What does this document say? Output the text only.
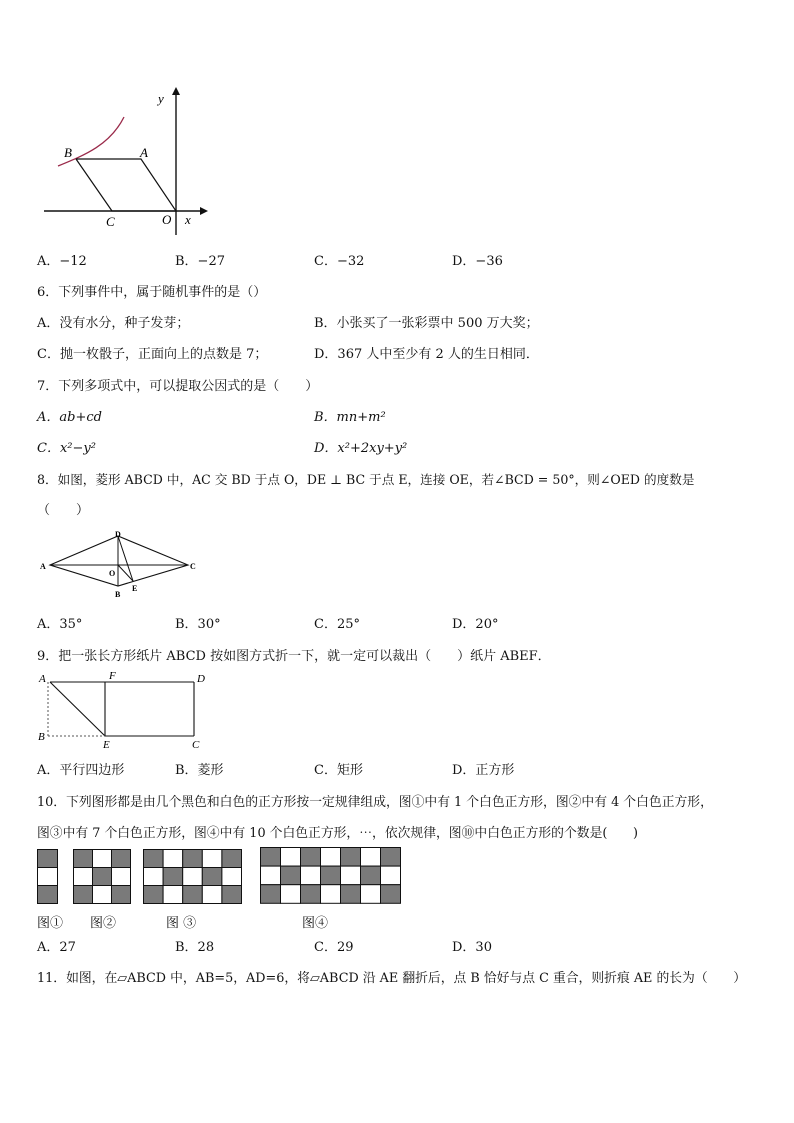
y
B	A
C	O x
A．−12	B．−27	C．−32	D．−36
6．下列事件中，属于随机事件的是（）
A．没有水分，种子发芽；	B．小张买了一张彩票中 500 万大奖；
C．抛一枚骰子，正面向上的点数是 7；	D．367 人中至少有 2 人的生日相同．
7．下列多项式中，可以提取公因式的是（　　）
A．ab+cd	B．mn+m²
C．x²−y²	D．x²+2xy+y²
8．如图，菱形 ABCD 中，AC 交 BD 于点 O，DE ⊥ BC 于点 E，连接 OE，若∠BCD = 50°，则∠OED 的度数是
（　　）
A
D
C
O
B
E
A．35°	B．30°	C．25°	D．20°
9．把一张长方形纸片 ABCD 按如图方式折一下，就一定可以裁出（　　）纸片 ABEF．
A	F	D
B
E	C
A．平行四边形	B．菱形	C．矩形	D．正方形
10．下列图形都是由几个黑色和白色的正方形按一定规律组成，图①中有 1 个白色正方形，图②中有 4 个白色正方形，
图③中有 7 个白色正方形，图④中有 10 个白色正方形，⋯，依次规律，图⑩中白色正方形的个数是(　　)
图① 图②	图 ③	图④
A．27	B．28	C．29	D．30
11．如图，在▱ABCD 中，AB=5，AD=6，将▱ABCD 沿 AE 翻折后，点 B 恰好与点 C 重合，则折痕 AE 的长为（　　）
